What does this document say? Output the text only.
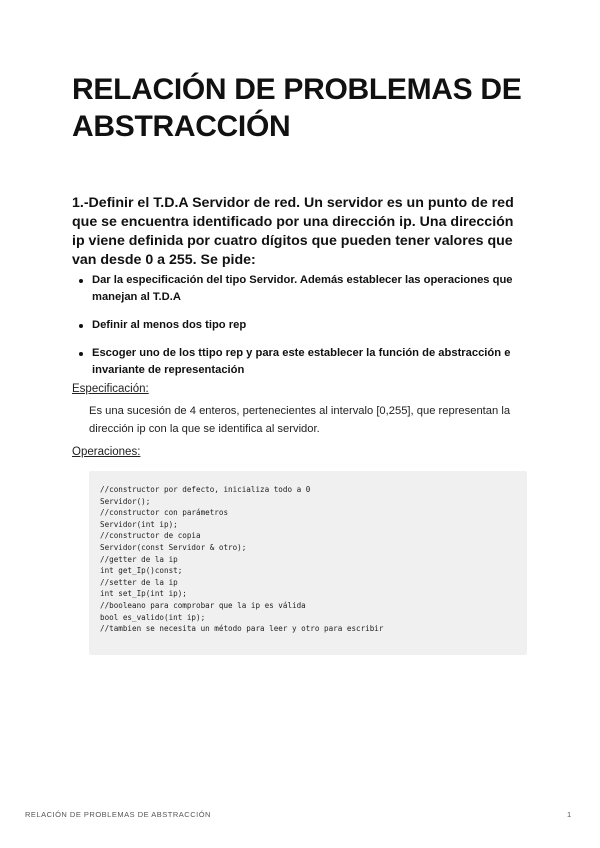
RELACIÓN DE PROBLEMAS DE ABSTRACCIÓN

1.-Definir el T.D.A Servidor de red. Un servidor es un punto de red que se encuentra identificado por una dirección ip. Una dirección ip viene definida por cuatro dígitos que pueden tener valores que van desde 0 a 255. Se pide:

Dar la especificación del tipo Servidor. Además establecer las operaciones que manejan al T.D.A
Definir al menos dos tipo rep
Escoger uno de los ttipo rep y para este establecer la función de abstracción e invariante de representación
Especificación:

Es una sucesión de 4 enteros, pertenecientes al intervalo [0,255], que representan la dirección ip con la que se identifica al servidor.

Operaciones:
//constructor por defecto, inicializa todo a 0
Servidor();
//constructor con parámetros
Servidor(int ip);
//constructor de copia
Servidor(const Servidor & otro);
//getter de la ip
int get_Ip()const;
//setter de la ip
int set_Ip(int ip);
//booleano para comprobar que la ip es válida
bool es_valido(int ip);
//tambien se necesita un método para leer y otro para escribir
RELACIÓN DE PROBLEMAS DE ABSTRACCIÓN	1
